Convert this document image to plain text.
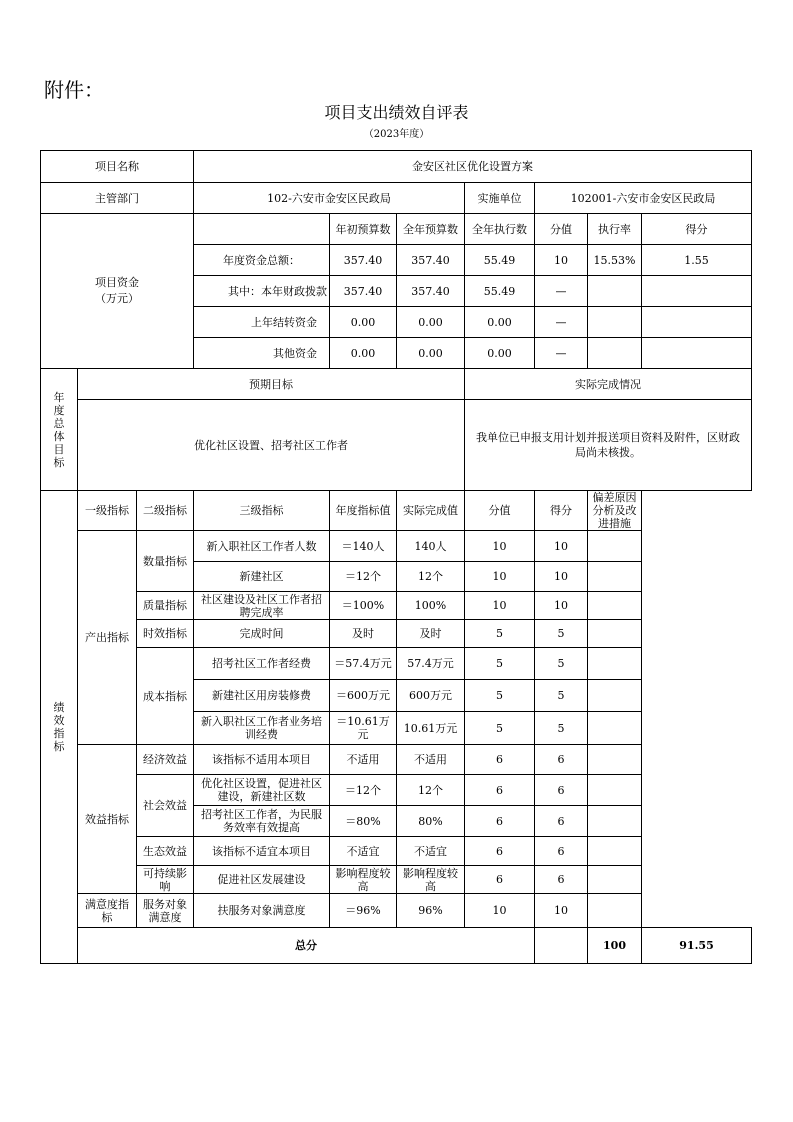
附件：
项目支出绩效自评表
（2023年度）
项目名称			金安区社区优化设置方案							
主管部门			102-六安市金安区民政局			实施单位	102001-六安市金安区民政局			
项目资金（万元）				年初预算数	全年预算数	全年执行数	分值	执行率	得分	
			年度资金总额：	357.40	357.40	55.49	10	15.53%	1.55	
			其中：本年财政拨款	357.40	357.40	55.49	—			
			上年结转资金	0.00	0.00	0.00	—			
			其他资金	0.00	0.00	0.00	—			
年度总体目标	预期目标					实际完成情况				
	优化社区设置、招考社区工作者					我单位已申报支用计划并报送项目资料及附件，区财政局尚未核拨。				
绩效指标	一级指标	二级指标	三级指标	年度指标值	实际完成值	分值	得分	偏差原因分析及改进措施		
	产出指标	数量指标	新入职社区工作者人数	＝140人	140人	10	10			
			新建社区	＝12个	12个	10	10			
		质量指标	社区建设及社区工作者招聘完成率	＝100%	100%	10	10			
		时效指标	完成时间	及时	及时	5	5			
		成本指标	招考社区工作者经费	＝57.4万元	57.4万元	5	5			
			新建社区用房装修费	＝600万元	600万元	5	5			
			新入职社区工作者业务培训经费	＝10.61万元	10.61万元	5	5			
	效益指标	经济效益	该指标不适用本项目	不适用	不适用	6	6			
		社会效益	优化社区设置，促进社区建设，新建社区数	＝12个	12个	6	6			
			招考社区工作者，为民服务效率有效提高	＝80%	80%	6	6			
		生态效益	该指标不适宜本项目	不适宜	不适宜	6	6			
		可持续影响	促进社区发展建设	影响程度较高	影响程度较高	6	6			
	满意度指标	服务对象满意度	扶服务对象满意度	＝96%	96%	10	10			
	总分							100	91.55	
